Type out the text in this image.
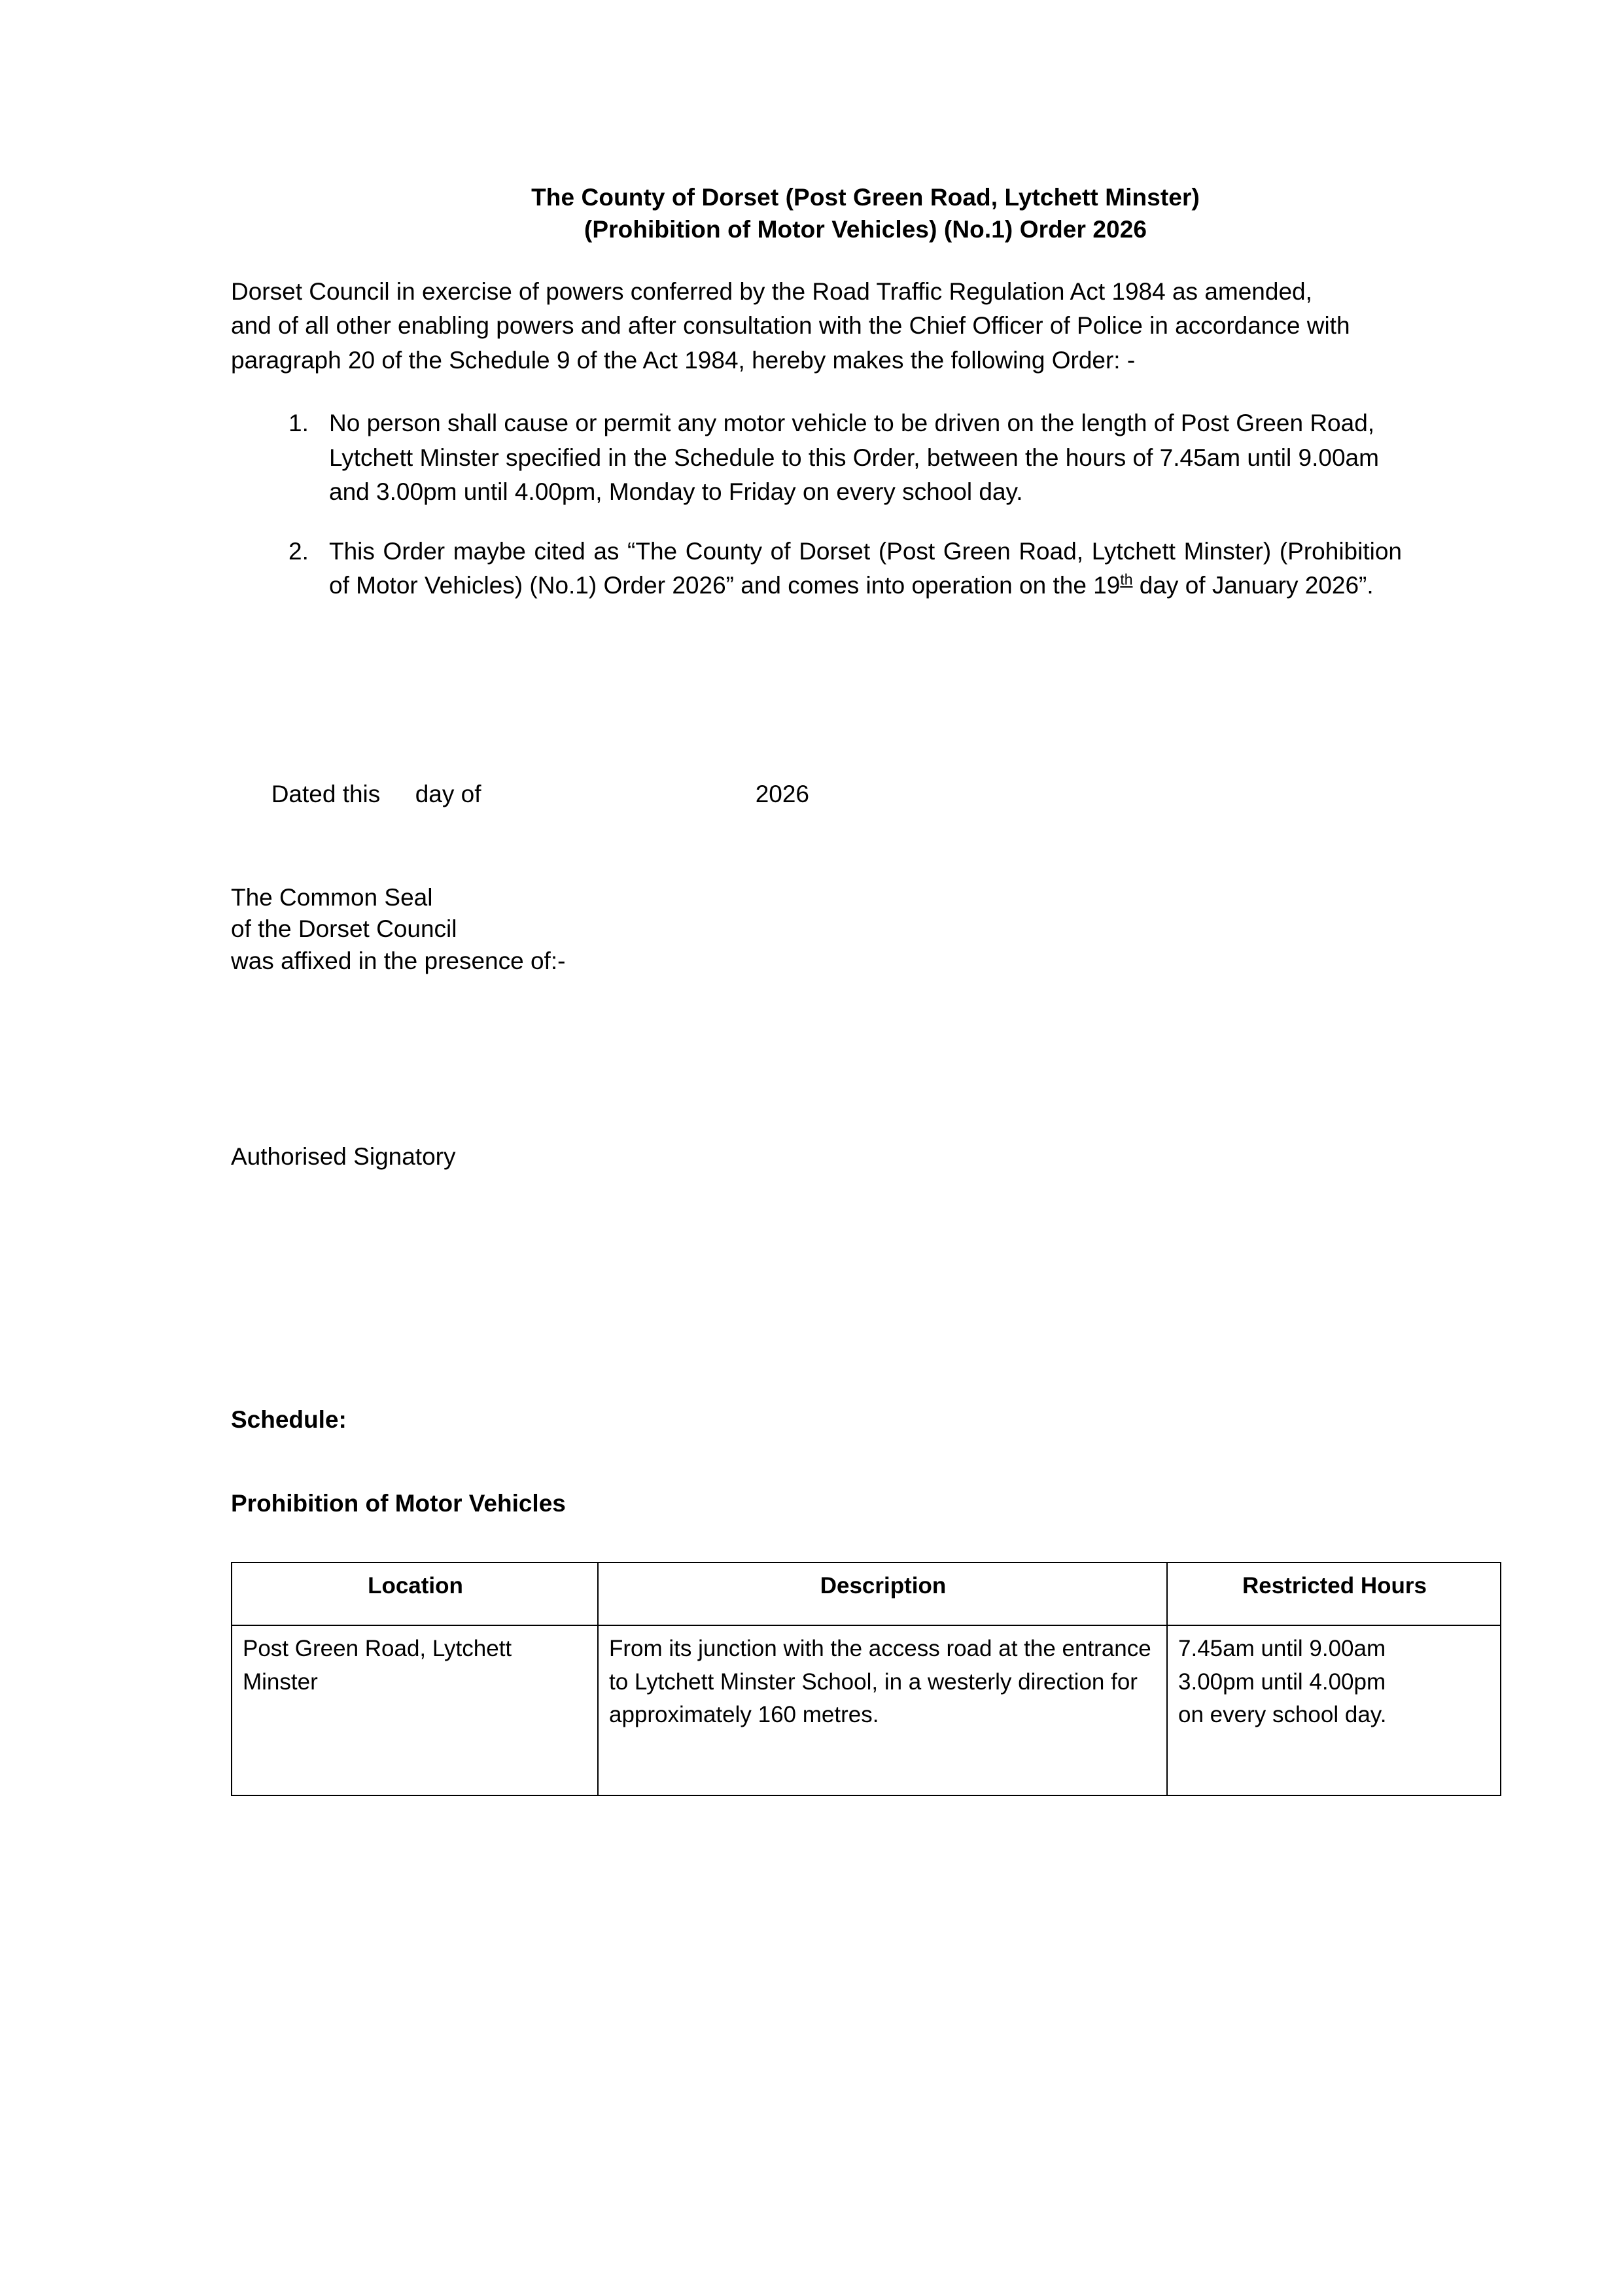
The County of Dorset (Post Green Road, Lytchett Minster)
(Prohibition of Motor Vehicles) (No.1) Order 2026

Dorset Council in exercise of powers conferred by the Road Traffic Regulation Act 1984 as amended, and of all other enabling powers and after consultation with the Chief Officer of Police in accordance with paragraph 20 of the Schedule 9 of the Act 1984, hereby makes the following Order: -

No person shall cause or permit any motor vehicle to be driven on the length of Post Green Road, Lytchett Minster specified in the Schedule to this Order, between the hours of 7.45am until 9.00am and 3.00pm until 4.00pm, Monday to Friday on every school day.
This Order maybe cited as “The County of Dorset (Post Green Road, Lytchett Minster) (Prohibition of Motor Vehicles) (No.1) Order 2026” and comes into operation on the 19th day of January 2026”.

Dated this day of	2026

The Common Seal
of the Dorset Council
was affixed in the presence of:-
Authorised Signatory
Schedule:
Prohibition of Motor Vehicles
Location	Description	Restricted Hours
Post Green Road, Lytchett Minster	From its junction with the access road at the entrance to Lytchett Minster School, in a westerly direction for approximately 160 metres.	7.45am until 9.00am
3.00pm until 4.00pm
on every school day.
